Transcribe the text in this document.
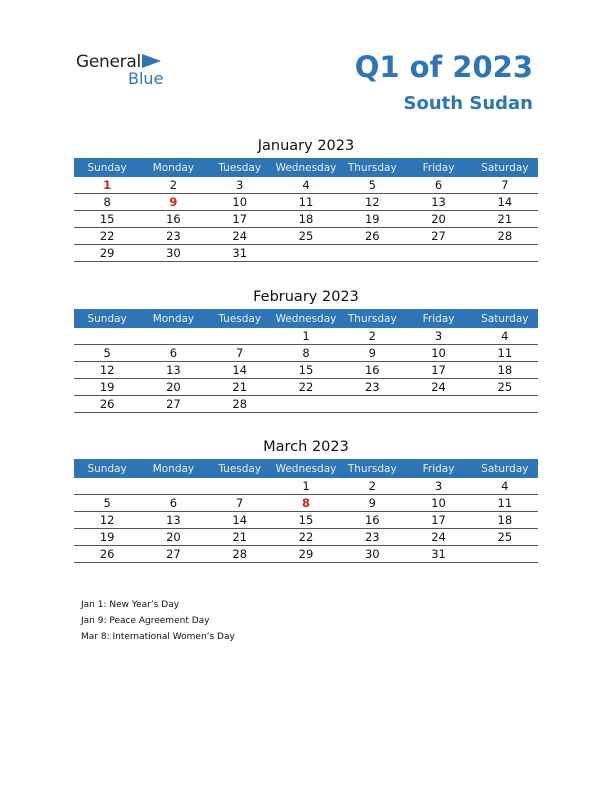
General
Blue	Q1 of 2023
South Sudan
January 2023
Sunday	Monday	Tuesday	Wednesday	Thursday	Friday	Saturday
1	2	3	4	5	6	7
8	9	10	11	12	13	14
15	16	17	18	19	20	21
22	23	24	25	26	27	28
29	30	31				
February 2023
Sunday	Monday	Tuesday	Wednesday	Thursday	Friday	Saturday
			1	2	3	4
5	6	7	8	9	10	11
12	13	14	15	16	17	18
19	20	21	22	23	24	25
26	27	28				
March 2023
Sunday	Monday	Tuesday	Wednesday	Thursday	Friday	Saturday
			1	2	3	4
5	6	7	8	9	10	11
12	13	14	15	16	17	18
19	20	21	22	23	24	25
26	27	28	29	30	31	
Jan 1: New Year’s Day
Jan 9: Peace Agreement Day
Mar 8: International Women’s Day
